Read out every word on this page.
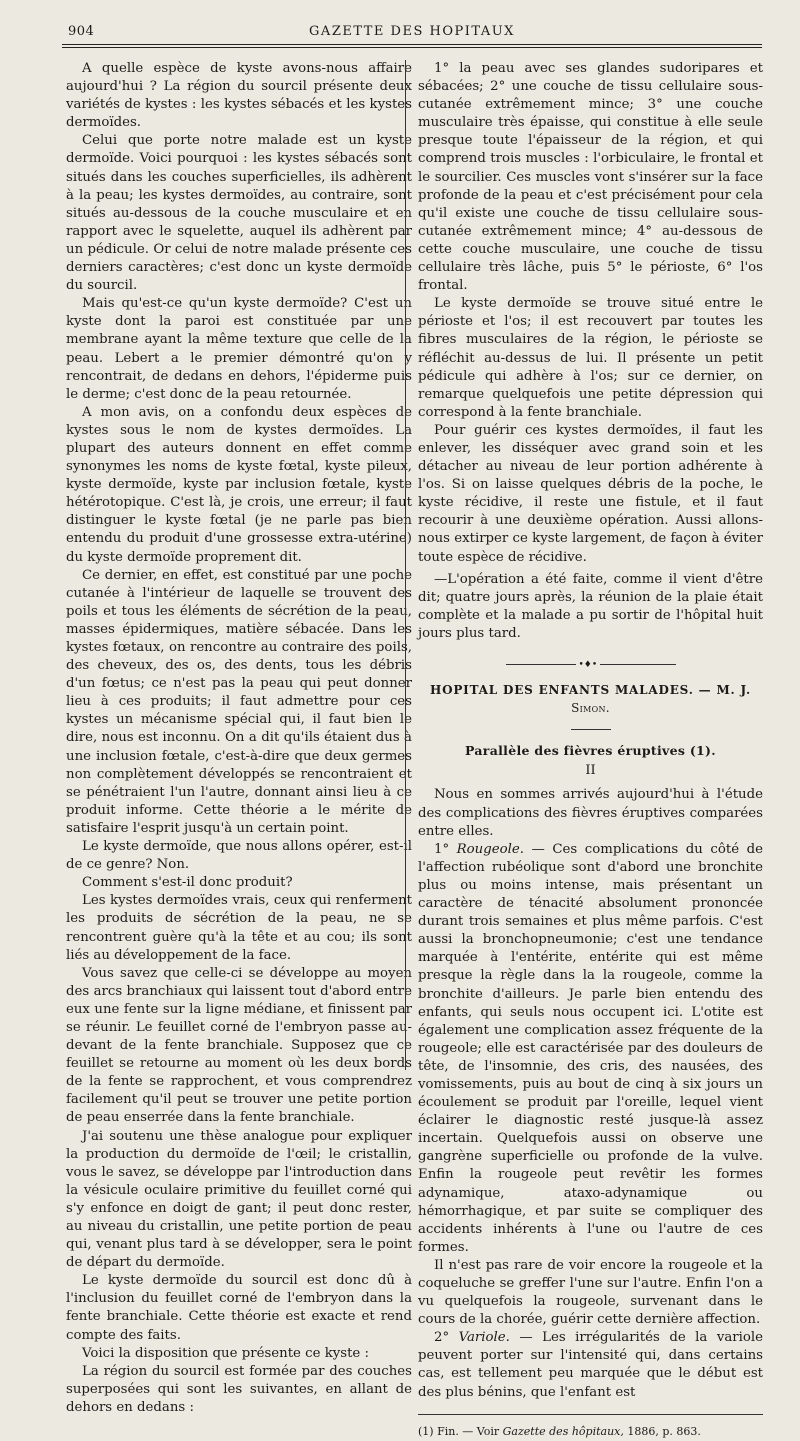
904	GAZETTE DES HOPITAUX

A quelle espèce de kyste avons-nous affaire aujourd'hui ? La région du sourcil présente deux variétés de kystes : les kystes sébacés et les kystes dermoïdes.

Celui que porte notre malade est un kyste dermoïde. Voici pourquoi : les kystes sébacés sont situés dans les couches superficielles, ils adhèrent à la peau; les kystes dermoïdes, au contraire, sont situés au-dessous de la couche musculaire et en rapport avec le squelette, auquel ils adhèrent par un pédicule. Or celui de notre malade présente ces derniers caractères; c'est donc un kyste dermoïde du sourcil.

Mais qu'est-ce qu'un kyste dermoïde? C'est un kyste dont la paroi est constituée par une membrane ayant la même texture que celle de la peau. Lebert a le premier démontré qu'on y rencontrait, de dedans en dehors, l'épiderme puis le derme; c'est donc de la peau retournée.

A mon avis, on a confondu deux espèces de kystes sous le nom de kystes dermoïdes. La plupart des auteurs donnent en effet comme synonymes les noms de kyste fœtal, kyste pileux, kyste dermoïde, kyste par inclusion fœtale, kyste hétérotopique. C'est là, je crois, une erreur; il faut distinguer le kyste fœtal (je ne parle pas bien entendu du produit d'une grossesse extra-utérine) du kyste dermoïde proprement dit.

Ce dernier, en effet, est constitué par une poche cutanée à l'intérieur de laquelle se trouvent des poils et tous les éléments de sécrétion de la peau, masses épidermiques, matière sébacée. Dans les kystes fœtaux, on rencontre au contraire des poils, des cheveux, des os, des dents, tous les débris d'un fœtus; ce n'est pas la peau qui peut donner lieu à ces produits; il faut admettre pour ces kystes un mécanisme spécial qui, il faut bien le dire, nous est inconnu. On a dit qu'ils étaient dus à une inclusion fœtale, c'est-à-dire que deux germes non complètement développés se rencontraient et se pénétraient l'un l'autre, donnant ainsi lieu à ce produit informe. Cette théorie a le mérite de satisfaire l'esprit jusqu'à un certain point.

Le kyste dermoïde, que nous allons opérer, est-il de ce genre? Non.

Comment s'est-il donc produit?

Les kystes dermoïdes vrais, ceux qui renferment les produits de sécrétion de la peau, ne se rencontrent guère qu'à la tête et au cou; ils sont liés au développement de la face.

Vous savez que celle-ci se développe au moyen des arcs branchiaux qui laissent tout d'abord entre eux une fente sur la ligne médiane, et finissent par se réunir. Le feuillet corné de l'embryon passe au-devant de la fente branchiale. Supposez que ce feuillet se retourne au moment où les deux bords de la fente se rapprochent, et vous comprendrez facilement qu'il peut se trouver une petite portion de peau enserrée dans la fente branchiale.

J'ai soutenu une thèse analogue pour expliquer la production du dermoïde de l'œil; le cristallin, vous le savez, se développe par l'introduction dans la vésicule oculaire primitive du feuillet corné qui s'y enfonce en doigt de gant; il peut donc rester, au niveau du cristallin, une petite portion de peau qui, venant plus tard à se développer, sera le point de départ du dermoïde.

Le kyste dermoïde du sourcil est donc dû à l'inclusion du feuillet corné de l'embryon dans la fente branchiale. Cette théorie est exacte et rend compte des faits.

Voici la disposition que présente ce kyste :

La région du sourcil est formée par des couches superposées qui sont les suivantes, en allant de dehors en dedans :

1° la peau avec ses glandes sudoripares et sébacées; 2° une couche de tissu cellulaire sous-cutanée extrêmement mince; 3° une couche musculaire très épaisse, qui constitue à elle seule presque toute l'épaisseur de la région, et qui comprend trois muscles : l'orbiculaire, le frontal et le sourcilier. Ces muscles vont s'insérer sur la face profonde de la peau et c'est précisément pour cela qu'il existe une couche de tissu cellulaire sous-cutanée extrêmement mince; 4° au-dessous de cette couche musculaire, une couche de tissu cellulaire très lâche, puis 5° le périoste, 6° l'os frontal.

Le kyste dermoïde se trouve situé entre le périoste et l'os; il est recouvert par toutes les fibres musculaires de la région, le périoste se réfléchit au-dessus de lui. Il présente un petit pédicule qui adhère à l'os; sur ce dernier, on remarque quelquefois une petite dépression qui correspond à la fente branchiale.

Pour guérir ces kystes dermoïdes, il faut les enlever, les disséquer avec grand soin et les détacher au niveau de leur portion adhérente à l'os. Si on laisse quelques débris de la poche, le kyste récidive, il reste une fistule, et il faut recourir à une deuxième opération. Aussi allons-nous extirper ce kyste largement, de façon à éviter toute espèce de récidive.

—L'opération a été faite, comme il vient d'être dit; quatre jours après, la réunion de la plaie était complète et la malade a pu sortir de l'hôpital huit jours plus tard.

•♦•
HOPITAL DES ENFANTS MALADES. — M. J. Simon.
Parallèle des fièvres éruptives (1).
II

Nous en sommes arrivés aujourd'hui à l'étude des complications des fièvres éruptives comparées entre elles.

1° Rougeole. — Ces complications du côté de l'affection rubéolique sont d'abord une bronchite plus ou moins intense, mais présentant un caractère de ténacité absolument prononcée durant trois semaines et plus même parfois. C'est aussi la bronchopneumonie; c'est une tendance marquée à l'entérite, entérite qui est même presque la règle dans la la rougeole, comme la bronchite d'ailleurs. Je parle bien entendu des enfants, qui seuls nous occupent ici. L'otite est également une complication assez fréquente de la rougeole; elle est caractérisée par des douleurs de tête, de l'insomnie, des cris, des nausées, des vomissements, puis au bout de cinq à six jours un écoulement se produit par l'oreille, lequel vient éclairer le diagnostic resté jusque-là assez incertain. Quelquefois aussi on observe une gangrène superficielle ou profonde de la vulve. Enfin la rougeole peut revêtir les formes adynamique, ataxo-adynamique ou hémorrhagique, et par suite se compliquer des accidents inhérents à l'une ou l'autre de ces formes.

Il n'est pas rare de voir encore la rougeole et la coqueluche se greffer l'une sur l'autre. Enfin l'on a vu quelquefois la rougeole, survenant dans le cours de la chorée, guérir cette dernière affection.

2° Variole. — Les irrégularités de la variole peuvent porter sur l'intensité qui, dans certains cas, est tellement peu marquée que le début est des plus bénins, que l'enfant est

(1) Fin. — Voir Gazette des hôpitaux, 1886, p. 863.
